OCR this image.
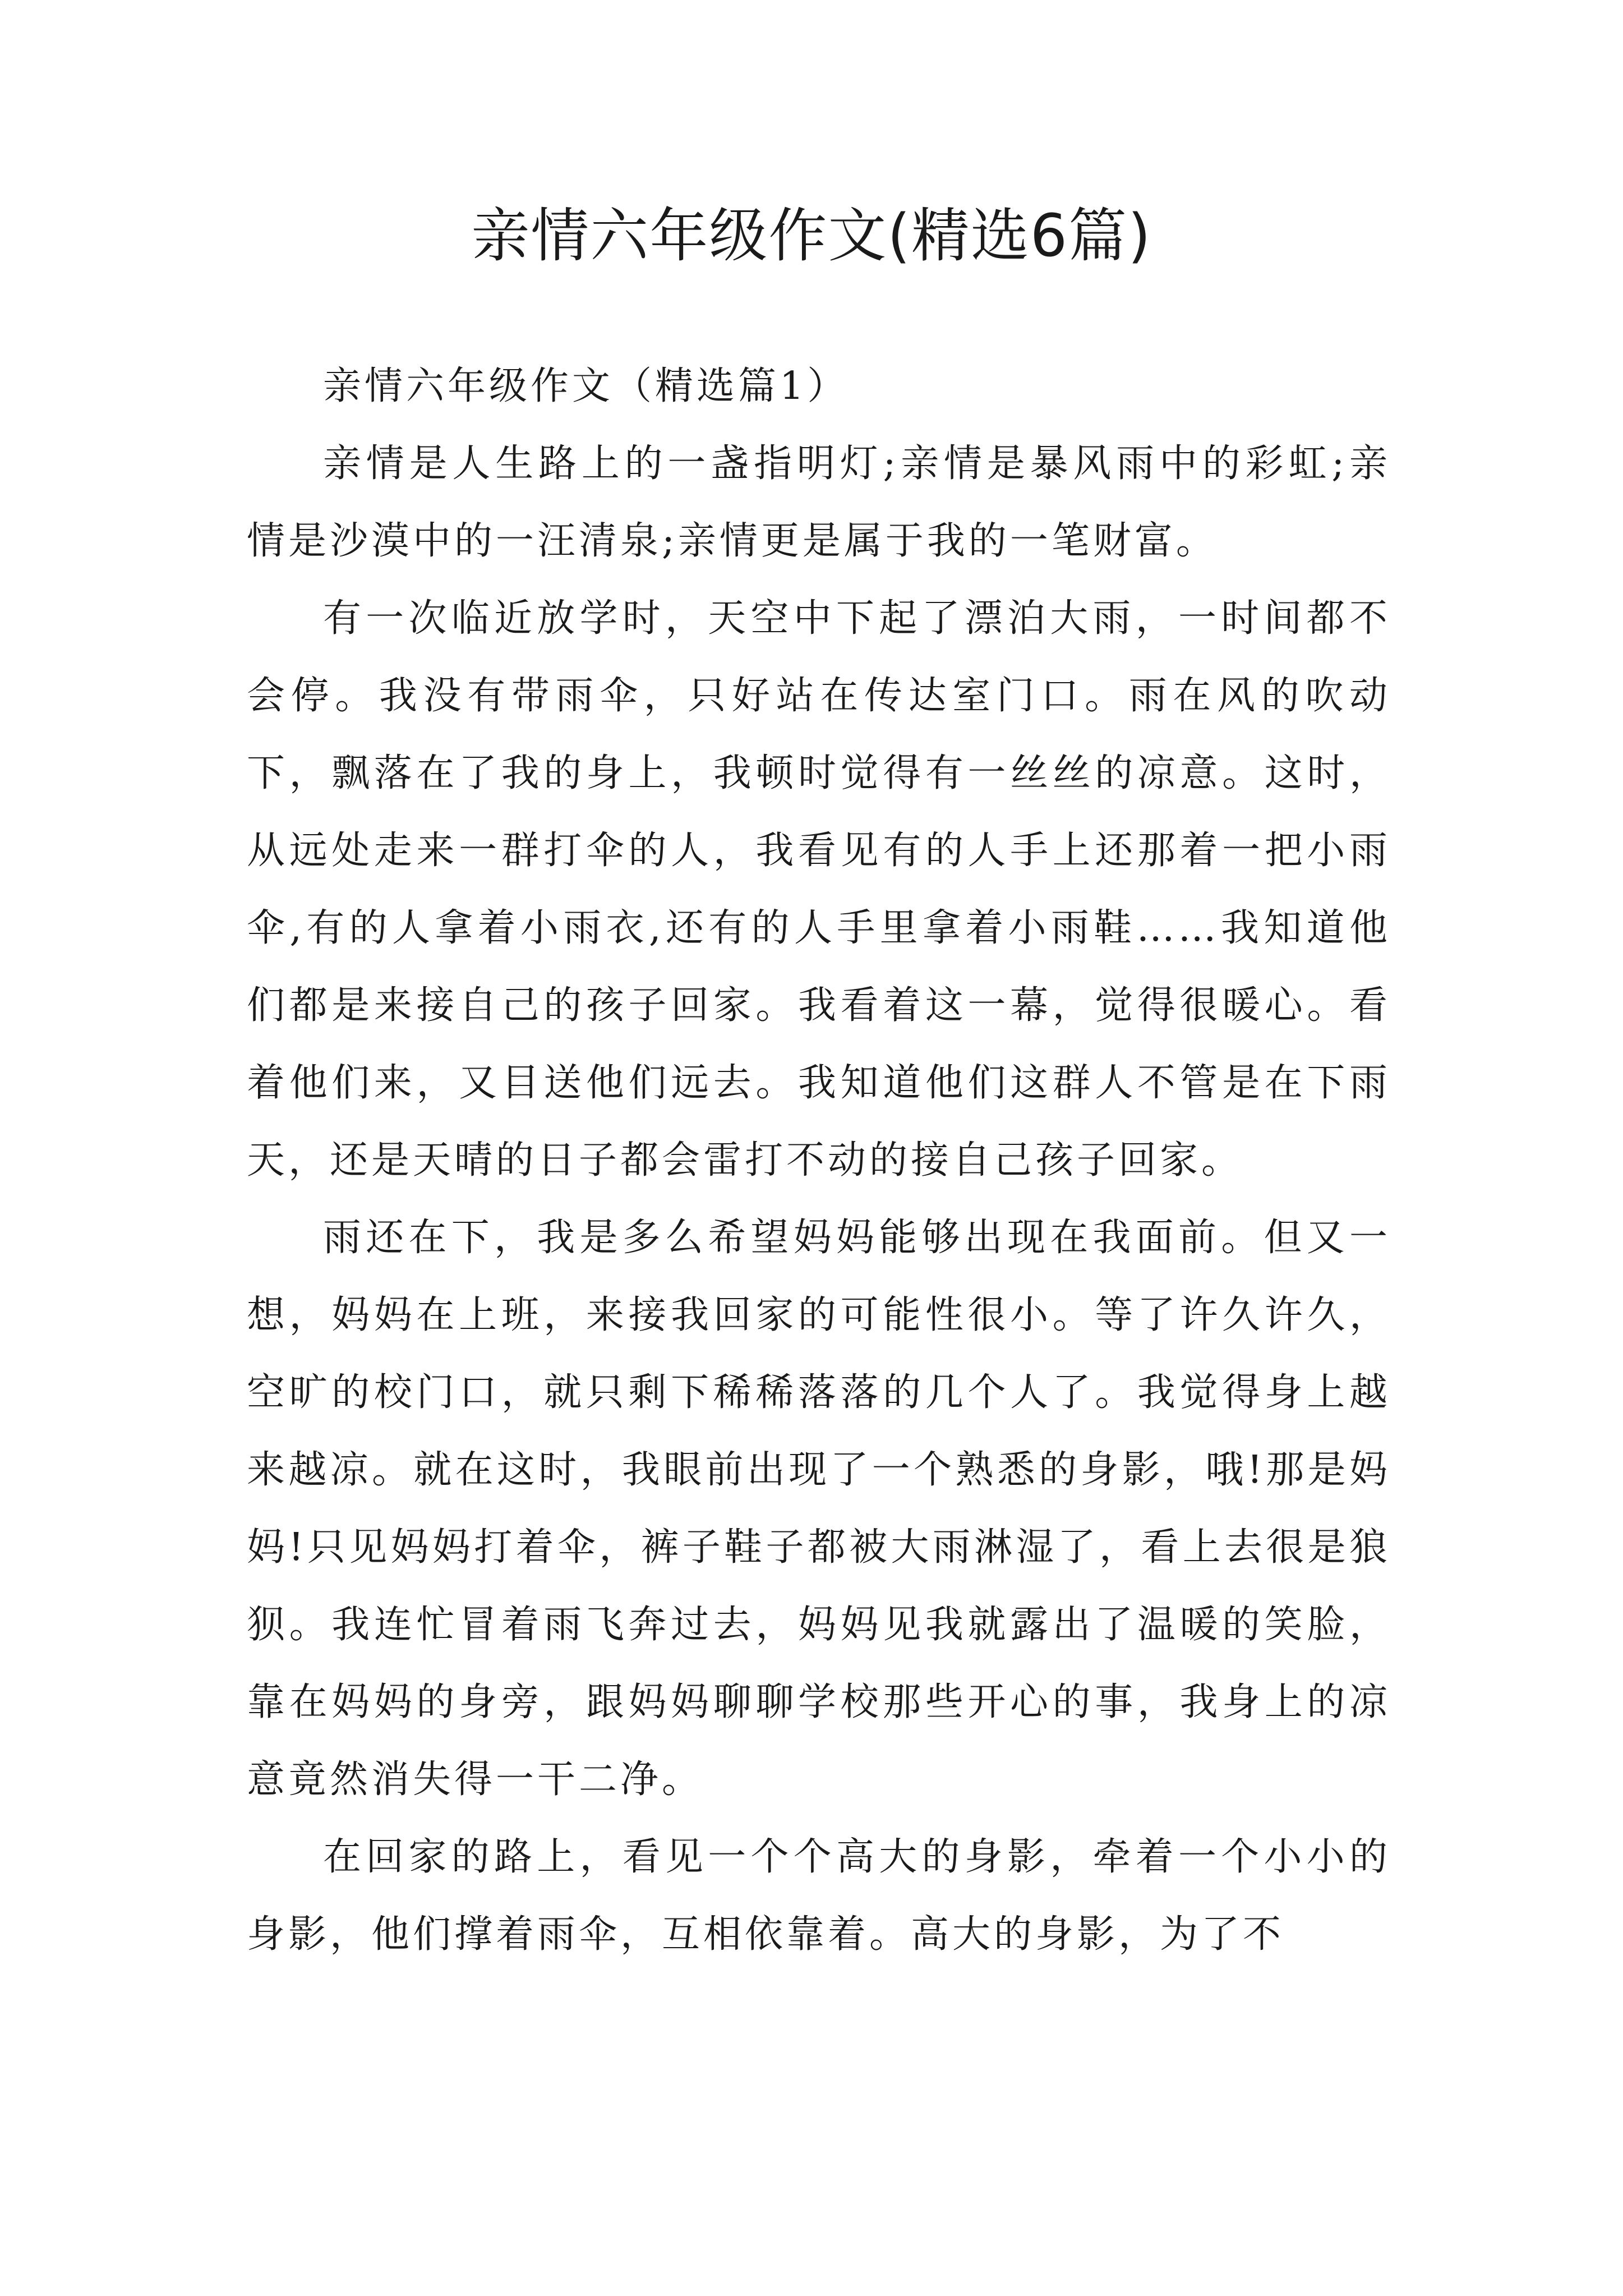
亲情六年级作文(精选6篇)

亲情六年级作文（精选篇1）

亲情是人生路上的一盏指明灯;亲情是暴风雨中的彩虹;亲情是沙漠中的一汪清泉;亲情更是属于我的一笔财富。

有一次临近放学时，天空中下起了漂泊大雨，一时间都不会停。我没有带雨伞，只好站在传达室门口。雨在风的吹动下，飘落在了我的身上，我顿时觉得有一丝丝的凉意。这时，从远处走来一群打伞的人，我看见有的人手上还那着一把小雨伞,有的人拿着小雨衣,还有的人手里拿着小雨鞋……我知道他们都是来接自己的孩子回家。我看着这一幕，觉得很暖心。看着他们来，又目送他们远去。我知道他们这群人不管是在下雨天，还是天晴的日子都会雷打不动的接自己孩子回家。

雨还在下，我是多么希望妈妈能够出现在我面前。但又一想，妈妈在上班，来接我回家的可能性很小。等了许久许久，空旷的校门口，就只剩下稀稀落落的几个人了。我觉得身上越来越凉。就在这时，我眼前出现了一个熟悉的身影，哦!那是妈妈!只见妈妈打着伞，裤子鞋子都被大雨淋湿了，看上去很是狼狈。我连忙冒着雨飞奔过去，妈妈见我就露出了温暖的笑脸，靠在妈妈的身旁，跟妈妈聊聊学校那些开心的事，我身上的凉意竟然消失得一干二净。

在回家的路上，看见一个个高大的身影，牵着一个小小的身影，他们撑着雨伞，互相依靠着。高大的身影，为了不
